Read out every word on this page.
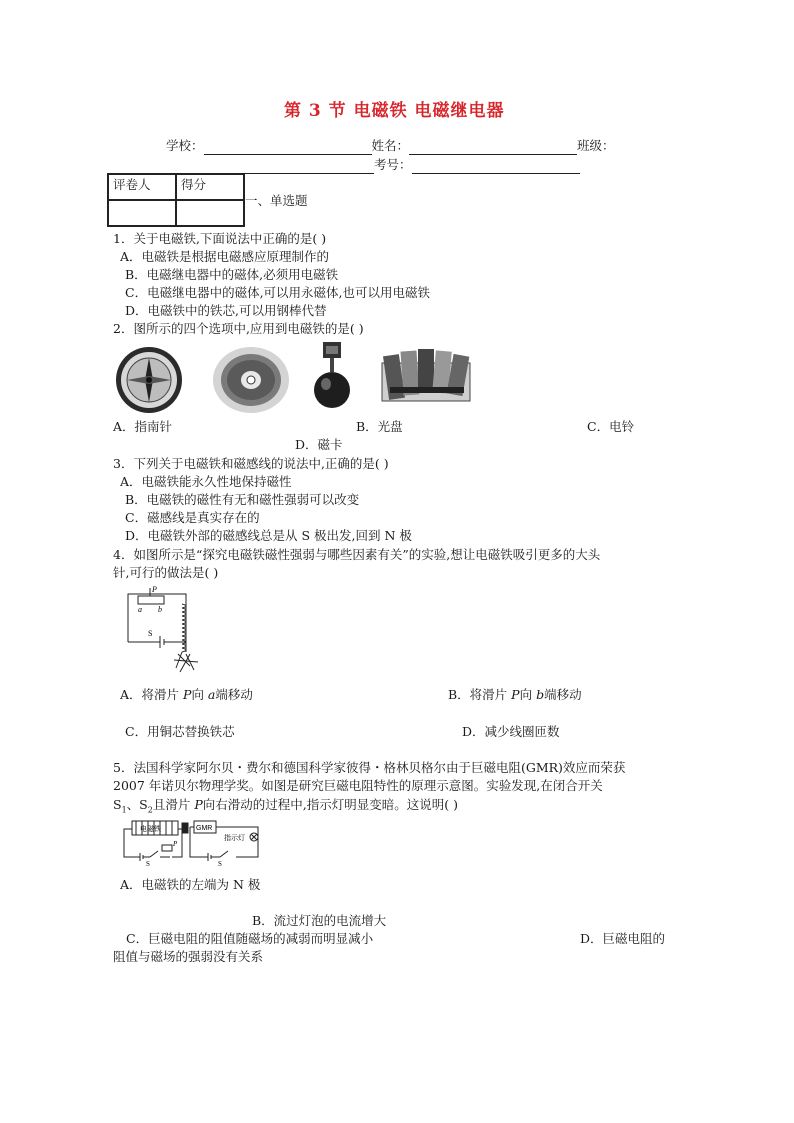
第 3 节 电磁铁 电磁继电器
学校：	姓名：	班级：
考号：
评卷人	得分

一、单选题
1．关于电磁铁,下面说法中正确的是( )
A．电磁铁是根据电磁感应原理制作的
B．电磁继电器中的磁体,必须用电磁铁
C．电磁继电器中的磁体,可以用永磁体,也可以用电磁铁
D．电磁铁中的铁芯,可以用钢棒代替
2．图所示的四个选项中,应用到电磁铁的是( )
A．指南针	B．光盘	C．电铃
D．磁卡
3．下列关于电磁铁和磁感线的说法中,正确的是( )
A．电磁铁能永久性地保持磁性
B．电磁铁的磁性有无和磁性强弱可以改变
C．磁感线是真实存在的
D．电磁铁外部的磁感线总是从 S 极出发,回到 N 极
4．如图所示是“探究电磁铁磁性强弱与哪些因素有关”的实验,想让电磁铁吸引更多的大头
针,可行的做法是( )
a b
P
S
A．将滑片 P向 a端移动	B．将滑片 P向 b端移动
C．用铜芯替换铁芯	D．减少线圈匝数
5．法国科学家阿尔贝・费尔和德国科学家彼得・格林贝格尔由于巨磁电阻(GMR)效应而荣获
2007 年诺贝尔物理学奖。如图是研究巨磁电阻特性的原理示意图。实验发现,在闭合开关
$S_1$、$S_2$且滑片 P向右滑动的过程中,指示灯明显变暗。这说明( )
电磁铁	GMR
指示灯
P
S	S
A．电磁铁的左端为 N 极
B．流过灯泡的电流增大
C．巨磁电阻的阻值随磁场的减弱而明显减小	D．巨磁电阻的
阻值与磁场的强弱没有关系
